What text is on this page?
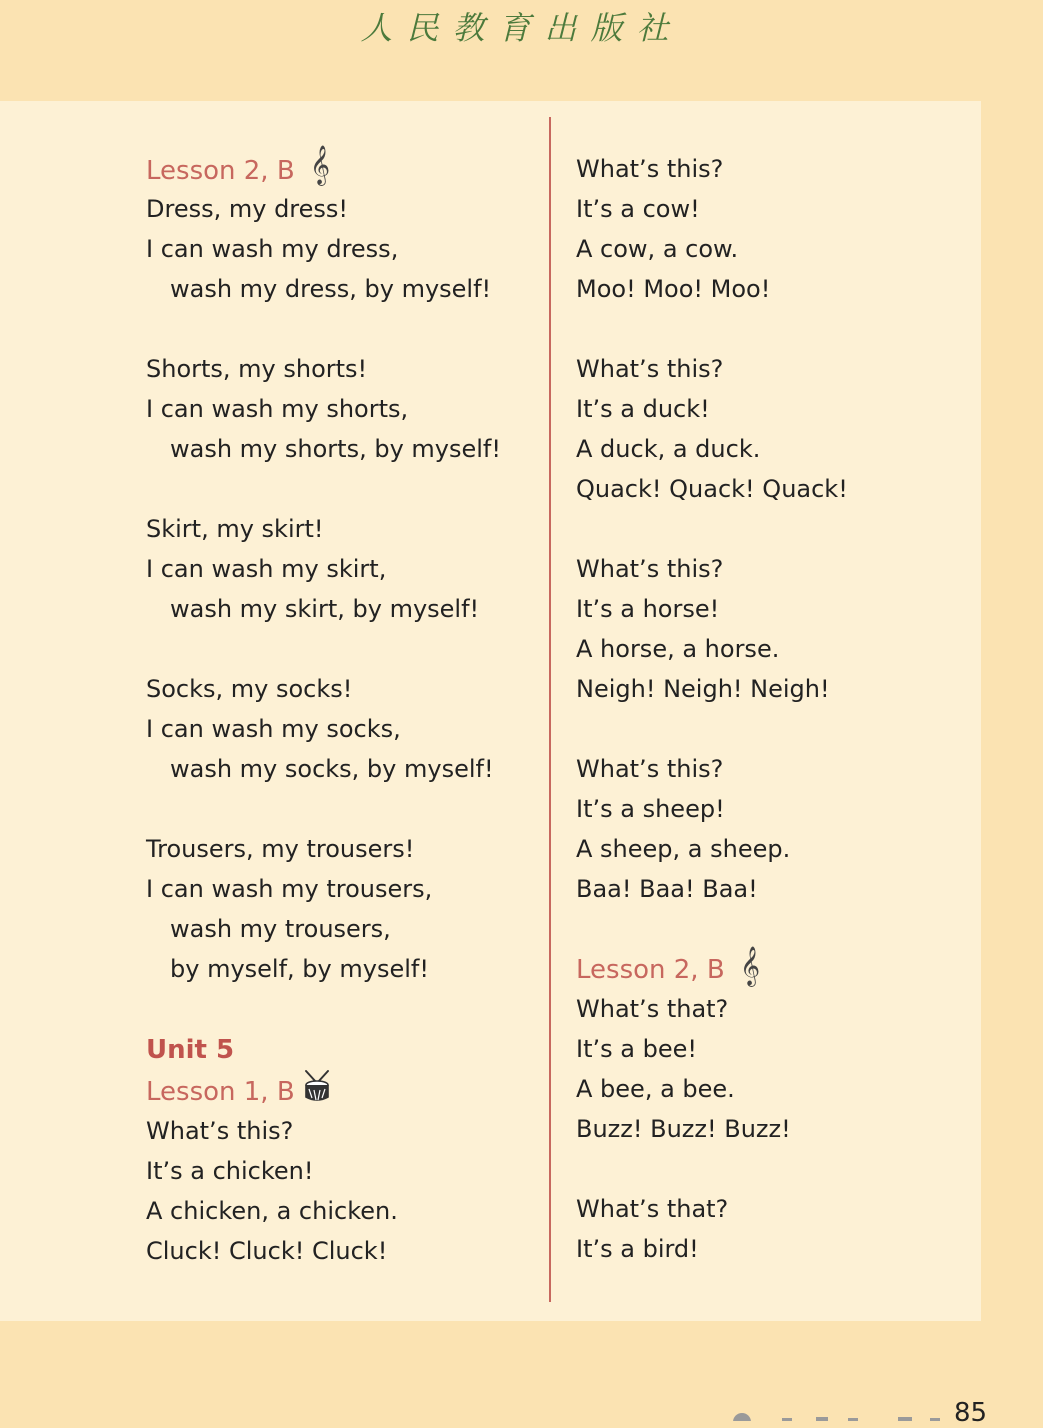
人民教育出版社
Lesson 2, B 𝄞
Dress, my dress!
I can wash my dress,
wash my dress, by myself!
Shorts, my shorts!
I can wash my shorts,
wash my shorts, by myself!
Skirt, my skirt!
I can wash my skirt,
wash my skirt, by myself!
Socks, my socks!
I can wash my socks,
wash my socks, by myself!
Trousers, my trousers!
I can wash my trousers,
wash my trousers,
by myself, by myself!
Unit 5
Lesson 1, B
What’s this?
It’s a chicken!
A chicken, a chicken.
Cluck! Cluck! Cluck!
What’s this?
It’s a cow!
A cow, a cow.
Moo! Moo! Moo!
What’s this?
It’s a duck!
A duck, a duck.
Quack! Quack! Quack!
What’s this?
It’s a horse!
A horse, a horse.
Neigh! Neigh! Neigh!
What’s this?
It’s a sheep!
A sheep, a sheep.
Baa! Baa! Baa!
Lesson 2, B 𝄞
What’s that?
It’s a bee!
A bee, a bee.
Buzz! Buzz! Buzz!
What’s that?
It’s a bird!
85
